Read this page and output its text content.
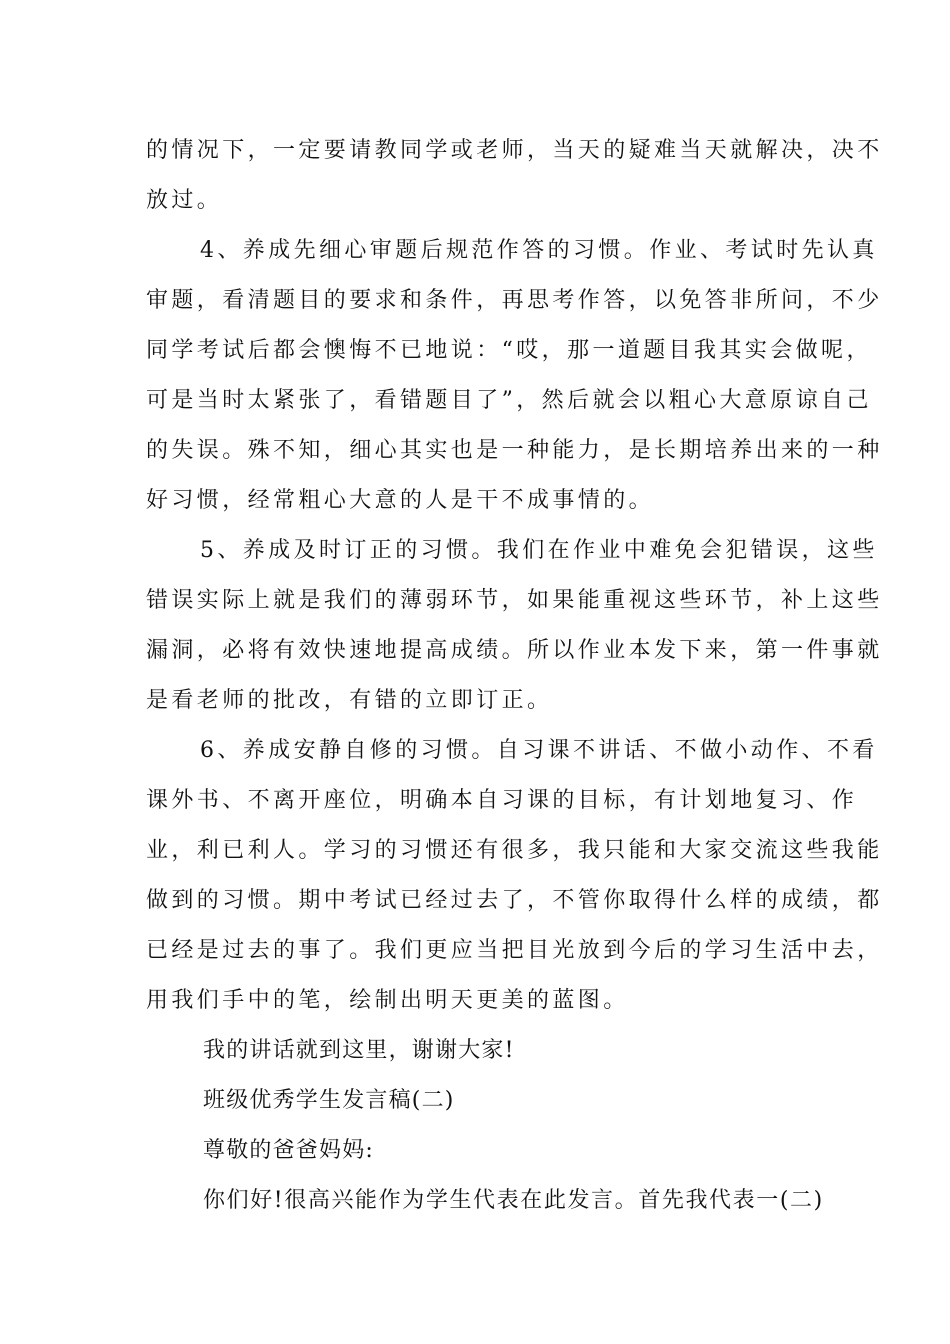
的情况下，一定要请教同学或老师，当天的疑难当天就解决，决不
放过。
4、养成先细心审题后规范作答的习惯。作业、考试时先认真
审题，看清题目的要求和条件，再思考作答，以免答非所问，不少
同学考试后都会懊悔不已地说：“哎，那一道题目我其实会做呢，
可是当时太紧张了，看错题目了”，然后就会以粗心大意原谅自己
的失误。殊不知，细心其实也是一种能力，是长期培养出来的一种
好习惯，经常粗心大意的人是干不成事情的。
5、养成及时订正的习惯。我们在作业中难免会犯错误，这些
错误实际上就是我们的薄弱环节，如果能重视这些环节，补上这些
漏洞，必将有效快速地提高成绩。所以作业本发下来，第一件事就
是看老师的批改，有错的立即订正。
6、养成安静自修的习惯。自习课不讲话、不做小动作、不看
课外书、不离开座位，明确本自习课的目标，有计划地复习、作
业，利已利人。学习的习惯还有很多，我只能和大家交流这些我能
做到的习惯。期中考试已经过去了，不管你取得什么样的成绩，都
已经是过去的事了。我们更应当把目光放到今后的学习生活中去，
用我们手中的笔，绘制出明天更美的蓝图。
我的讲话就到这里，谢谢大家!
班级优秀学生发言稿(二)
尊敬的爸爸妈妈:
你们好!很高兴能作为学生代表在此发言。首先我代表一(二)
